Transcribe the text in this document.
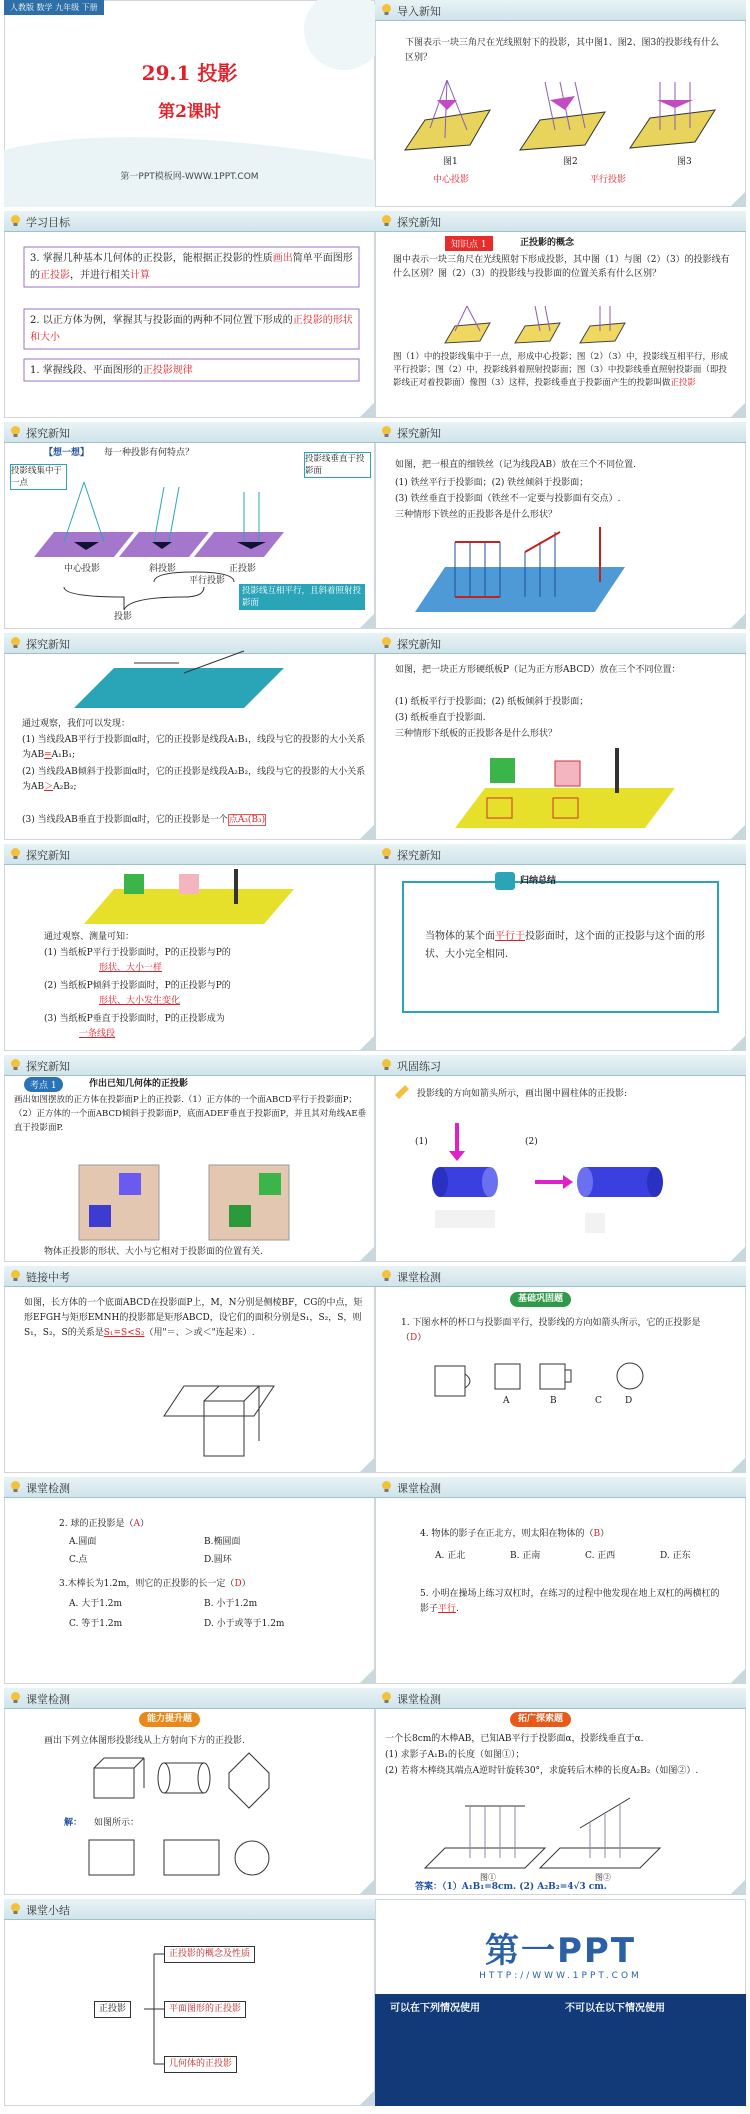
人教版 数学 九年级 下册
29.1 投影
第2课时
第一PPT模板网-WWW.1PPT.COM
导入新知
下图表示一块三角尺在光线照射下的投影，其中图1、图2、图3的投影线有什么区别？
图1	图2	图3
中心投影	平行投影
学习目标
3. 掌握几种基本几何体的正投影，能根据正投影的性质画出简单平面图形的正投影，并进行相关计算
2. 以正方体为例，掌握其与投影面的两种不同位置下形成的正投影的形状和大小
1. 掌握线段、平面图形的正投影规律
探究新知
知识点 1	正投影的概念
图中表示一块三角尺在光线照射下形成投影，其中图（1）与图（2）（3）的投影线有什么区别？图（2）（3）的投影线与投影面的位置关系有什么区别？
图（1）中的投影线集中于一点，形成中心投影；图（2）（3）中，投影线互相平行，形成平行投影；图（2）中，投影线斜着照射投影面；图（3）中投影线垂直照射投影面（即投影线正对着投影面）像图（3）这样，投影线垂直于投影面产生的投影叫做正投影
探究新知
【想一想】 每一种投影有何特点？
投影线集中于一点
投影线垂直于投影面
投影线互相平行，且斜着照射投影面
中心投影	斜投影	正投影
平行投影
投影
探究新知
如图，把一根直的细铁丝（记为线段AB）放在三个不同位置.
(1) 铁丝平行于投影面；(2) 铁丝倾斜于投影面；
(3) 铁丝垂直于投影面（铁丝不一定要与投影面有交点）.
三种情形下铁丝的正投影各是什么形状？
探究新知
通过观察，我们可以发现：
(1) 当线段AB平行于投影面α时，它的正投影是线段A₁B₁，线段与它的投影的大小关系为AB=A₁B₁;
(2) 当线段AB倾斜于投影面α时，它的正投影是线段A₂B₂，线段与它的投影的大小关系为AB＞A₂B₂;
(3) 当线段AB垂直于投影面α时，它的正投影是一个点A₃(B₃)
探究新知
如图，把一块正方形硬纸板P（记为正方形ABCD）放在三个不同位置：
(1) 纸板平行于投影面；(2) 纸板倾斜于投影面；
(3) 纸板垂直于投影面.
三种情形下纸板的正投影各是什么形状？
探究新知
通过观察、测量可知：
(1) 当纸板P平行于投影面时，P的正投影与P的
形状、大小一样
(2) 当纸板P倾斜于投影面时，P的正投影与P的
形状、大小发生变化
(3) 当纸板P垂直于投影面时，P的正投影成为
一条线段
探究新知
归纳总结
当物体的某个面平行于投影面时，这个面的正投影与这个面的形状、大小完全相同.
探究新知
考点 1	作出已知几何体的正投影
画出如图摆放的正方体在投影面P上的正投影.（1）正方体的一个面ABCD平行于投影面P；（2）正方体的一个面ABCD倾斜于投影面P，底面ADEF垂直于投影面P，并且其对角线AE垂直于投影面P.
物体正投影的形状、大小与它相对于投影面的位置有关.
巩固练习
投影线的方向如箭头所示，画出图中圆柱体的正投影:
(1)	(2)
链接中考
如图，长方体的一个底面ABCD在投影面P上，M，N分别是侧棱BF，CG的中点，矩形EFGH与矩形EMNH的投影都是矩形ABCD，设它们的面积分别是S₁，S₂，S，则S₁，S₂，S的关系是S₁=S<S₂（用"＝、＞或＜"连起来）.
课堂检测
基础巩固题
1. 下图水杯的杯口与投影面平行，投影线的方向如箭头所示，它的正投影是（D）
A	B	C	D
课堂检测
2. 球的正投影是（A）
A.圆面	B.椭圆面
C.点	D.圆环
3.木棒长为1.2m，则它的正投影的长一定（D）
A. 大于1.2m	B. 小于1.2m
C. 等于1.2m	D. 小于或等于1.2m
课堂检测
4. 物体的影子在正北方，则太阳在物体的（B）
A. 正北	B. 正南	C. 正西	D. 正东
5. 小明在操场上练习双杠时，在练习的过程中他发现在地上双杠的两横杠的影子平行.
课堂检测
能力提升题
画出下列立体图形投影线从上方射向下方的正投影.
解： 如图所示：
课堂检测
拓广探索题
一个长8cm的木棒AB，已知AB平行于投影面α，投影线垂直于α.
(1) 求影子A₁B₁的长度（如图①）；
(2) 若将木棒绕其端点A逆时针旋转30°，求旋转后木棒的长度A₂B₂（如图②）.
图①	图②
答案：（1）A₁B₁=8cm. (2) A₂B₂=4√3 cm.
课堂小结
正投影
正投影的概念及性质
平面图形的正投影
几何体的正投影
第一PPT
HTTP://WWW.1PPT.COM
可以在下列情况使用	不可以在以下情况使用
